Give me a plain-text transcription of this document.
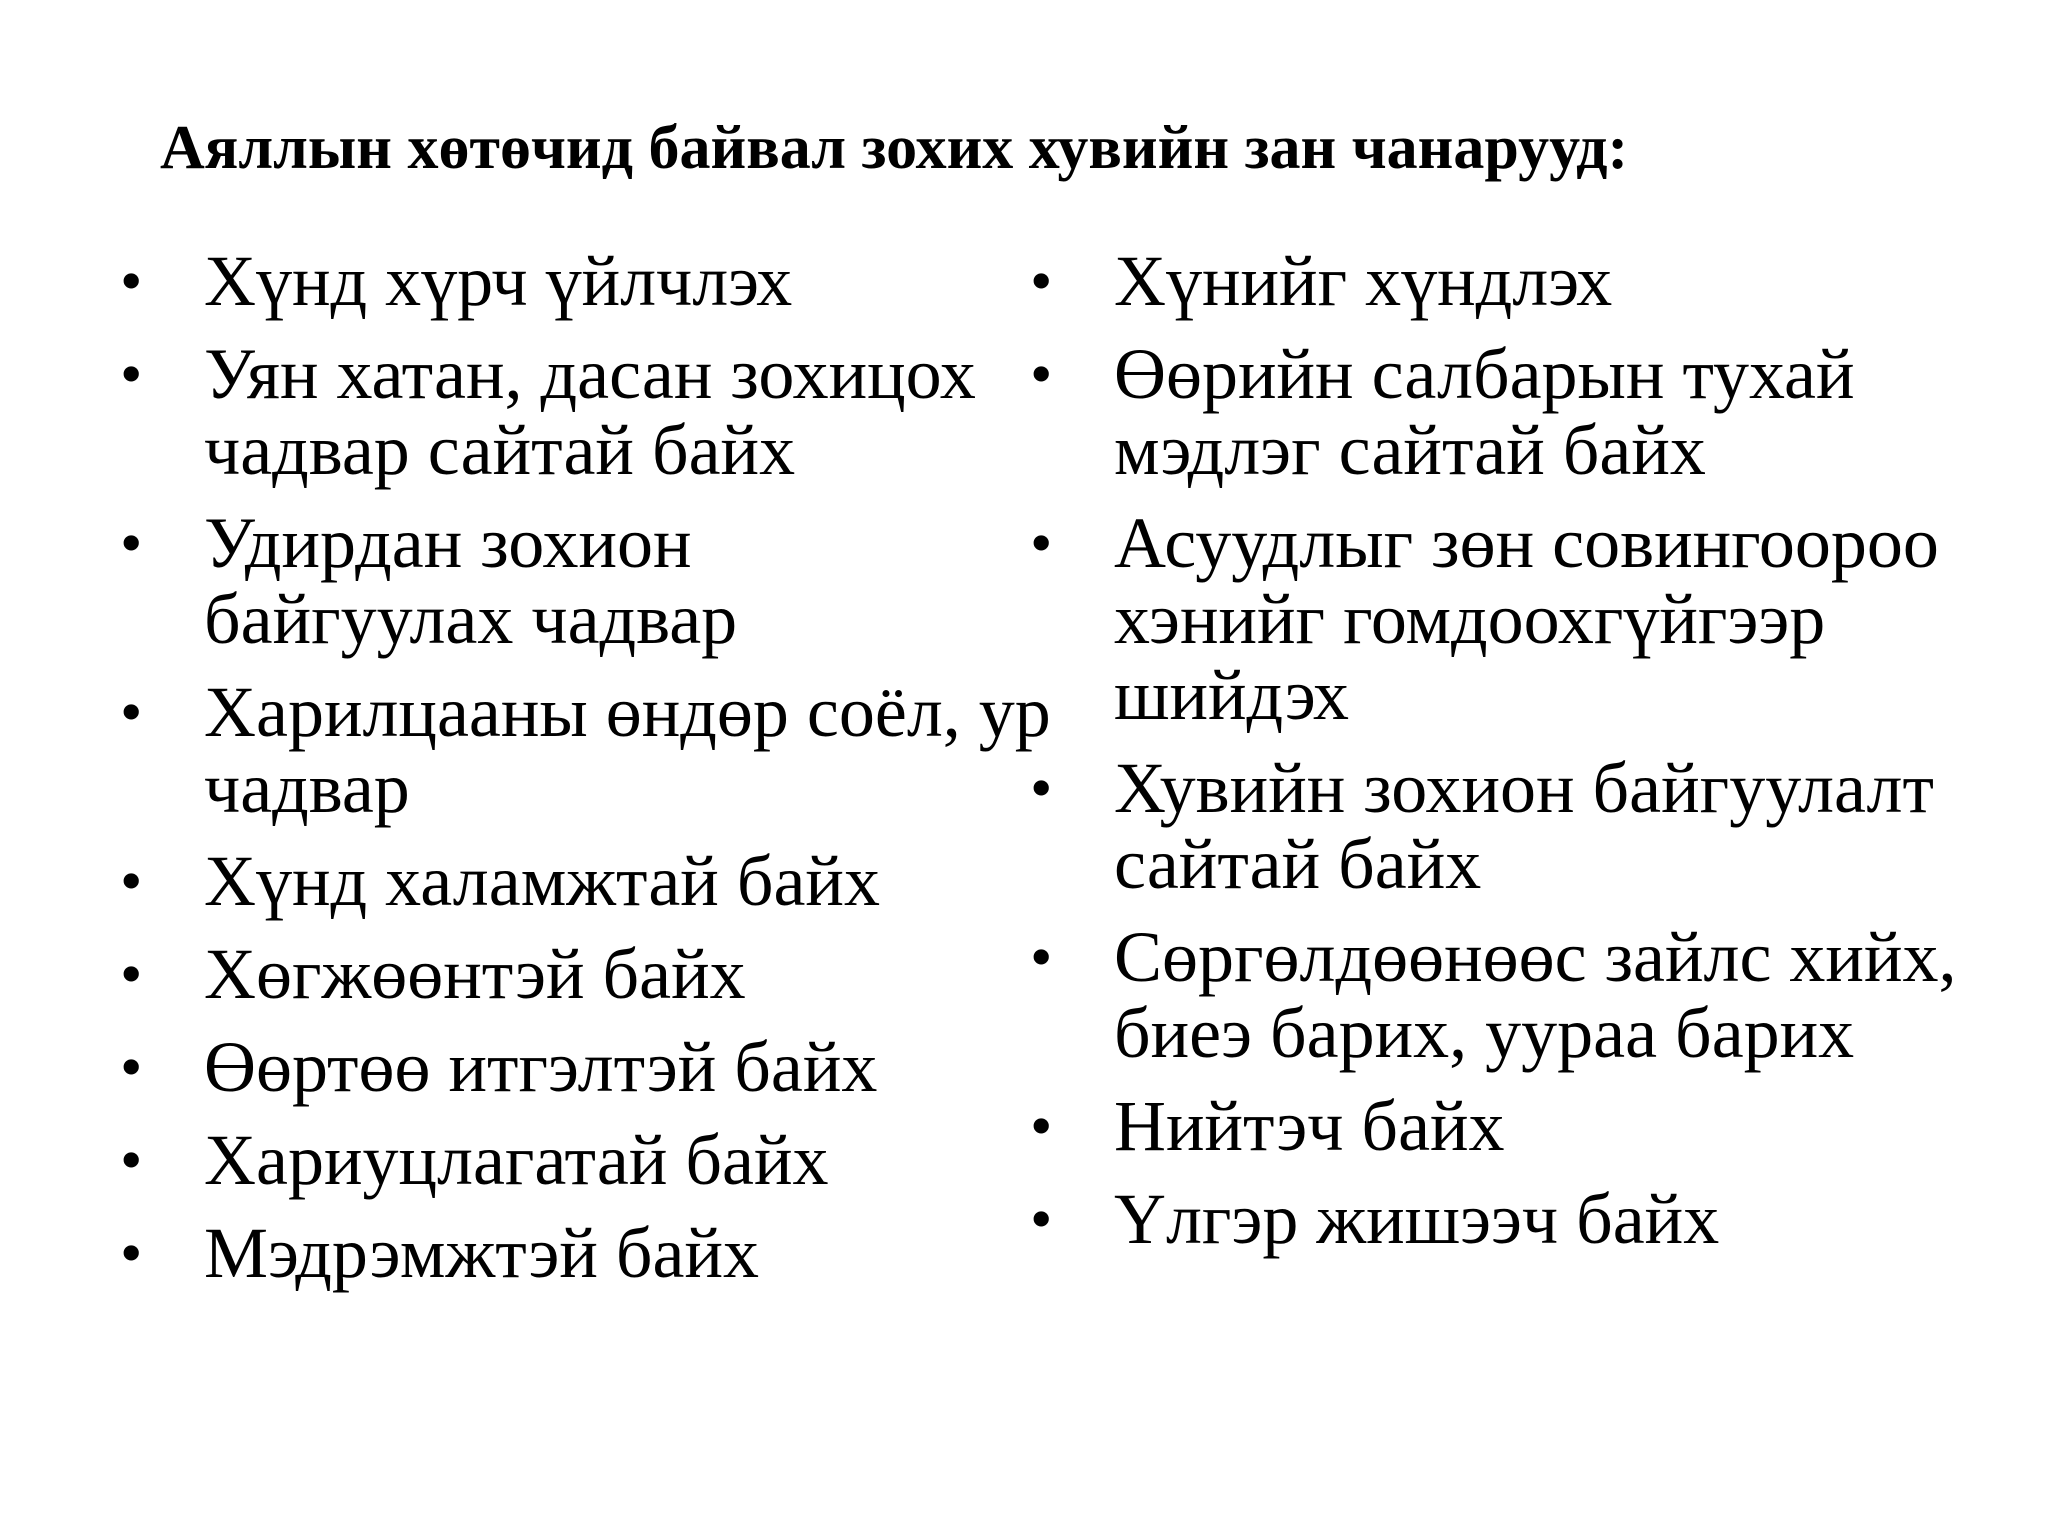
Аяллын хөтөчид байвал зохих хувийн зан чанарууд:
• Хүнд хүрч үйлчлэх
• Уян хатан, дасан зохицох чадвар сайтай байх
• Удирдан зохион байгуулах чадвар
• Харилцааны өндөр соёл, ур чадвар
• Хүнд халамжтай байх
• Хөгжөөнтэй байх
• Өөртөө итгэлтэй байх
• Хариуцлагатай байх
• Мэдрэмжтэй байх
• Хүнийг хүндлэх
• Өөрийн салбарын тухай мэдлэг сайтай байх
• Асуудлыг зөн совингоороо хэнийг гомдоохгүйгээр шийдэх
• Хувийн зохион байгуулалт сайтай байх
• Сөргөлдөөнөөс зайлс хийх, биеэ барих, уураа барих
• Нийтэч байх
• Үлгэр жишээч байх
